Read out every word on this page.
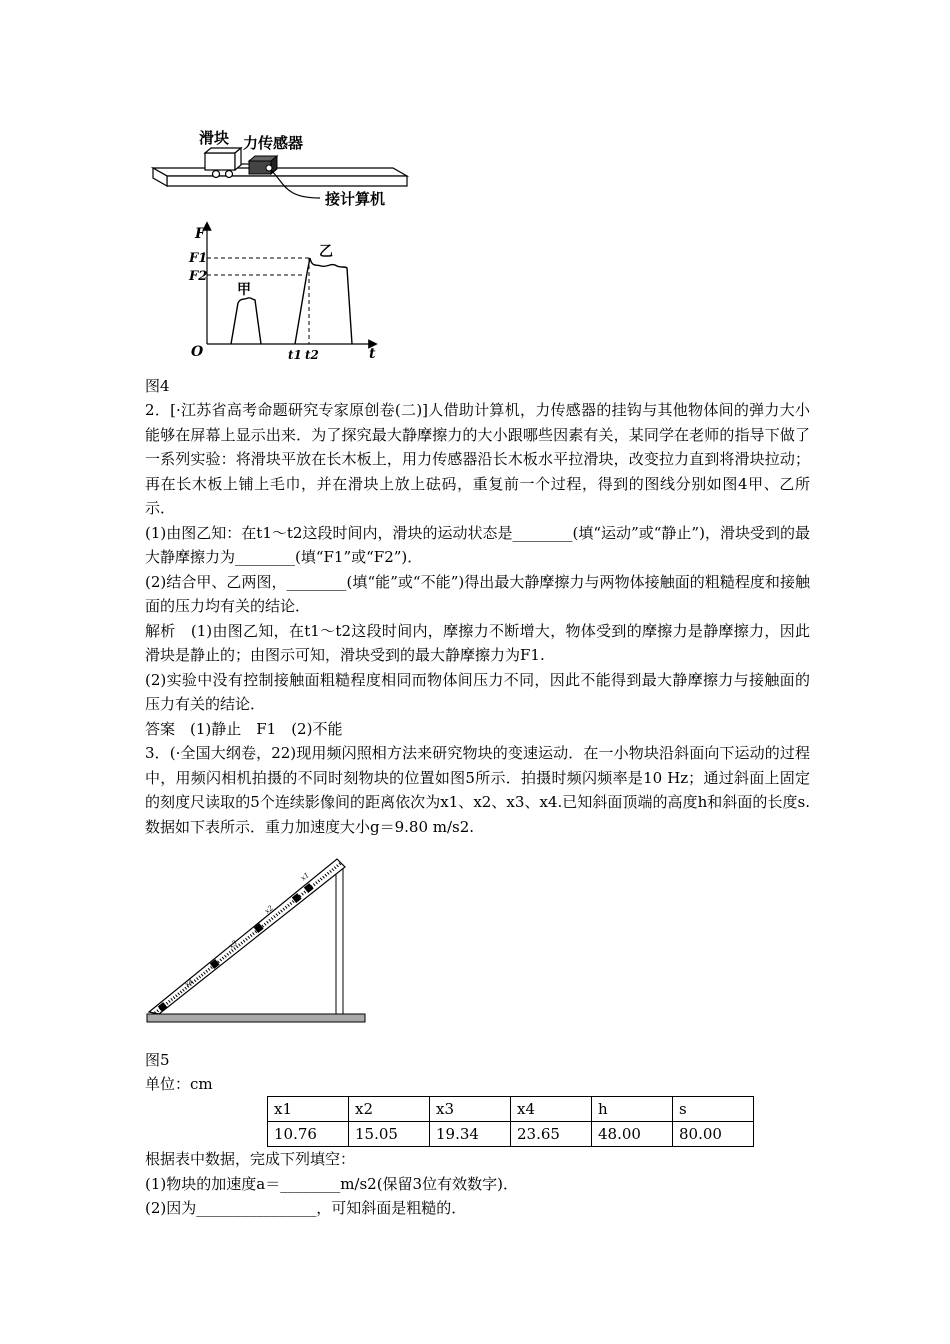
滑块 力传感器
接计算机
F
t
O
F1
F2
甲
乙
t1 t2

图4

2．[·江苏省高考命题研究专家原创卷(二)]人借助计算机，力传感器的挂钩与其他物体间的弹力大小能够在屏幕上显示出来．为了探究最大静摩擦力的大小跟哪些因素有关，某同学在老师的指导下做了一系列实验：将滑块平放在长木板上，用力传感器沿长木板水平拉滑块，改变拉力直到将滑块拉动；再在长木板上铺上毛巾，并在滑块上放上砝码，重复前一个过程，得到的图线分别如图4甲、乙所示．

(1)由图乙知：在t1～t2这段时间内，滑块的运动状态是________(填“运动”或“静止”)，滑块受到的最大静摩擦力为________(填“F1”或“F2”)．

(2)结合甲、乙两图，________(填“能”或“不能”)得出最大静摩擦力与两物体接触面的粗糙程度和接触面的压力均有关的结论．

解析　(1)由图乙知，在t1～t2这段时间内，摩擦力不断增大，物体受到的摩擦力是静摩擦力，因此滑块是静止的；由图示可知，滑块受到的最大静摩擦力为F1.

(2)实验中没有控制接触面粗糙程度相同而物体间压力不同，因此不能得到最大静摩擦力与接触面的压力有关的结论．

答案　(1)静止　F1　(2)不能

3．(·全国大纲卷，22)现用频闪照相方法来研究物块的变速运动．在一小物块沿斜面向下运动的过程中，用频闪相机拍摄的不同时刻物块的位置如图5所示．拍摄时频闪频率是10 Hz；通过斜面上固定的刻度尺读取的5个连续影像间的距离依次为x1、x2、x3、x4.已知斜面顶端的高度h和斜面的长度s.数据如下表所示．重力加速度大小g＝9.80 m/s2.

x4
x3
x2
x1

图5

单位：cm

x1	x2	x3	x4	h	s
10.76	15.05	19.34	23.65	48.00	80.00

根据表中数据，完成下列填空：

(1)物块的加速度a＝________m/s2(保留3位有效数字)．

(2)因为________________，可知斜面是粗糙的．
